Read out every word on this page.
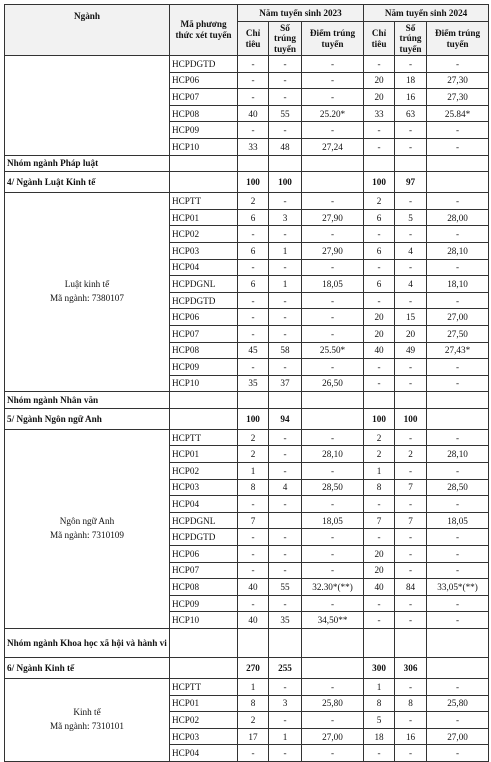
Ngành	Mã phương thức xét tuyển	Năm tuyển sinh 2023			Năm tuyển sinh 2024		
		Chỉ tiêu	Số trúng tuyển	Điểm trúng tuyển	Chỉ tiêu	Số trúng tuyển	Điểm trúng tuyển
	HCPDGTD	-	-	-	-	-	-
	HCP06	-	-	-	20	18	27,30
	HCP07	-	-	-	20	16	27,30
	HCP08	40	55	25.20*	33	63	25.84*
	HCP09	-	-	-	-	-	-
	HCP10	33	48	27,24	-	-	-
Nhóm ngành Pháp luật							
4/ Ngành Luật Kinh tế		100	100		100	97	

Luật kinh tế
Mã ngành: 7380107	HCPTT	2	-	-	2	-	-
	HCP01	6	3	27,90	6	5	28,00
	HCP02	-	-	-	-	-	-
	HCP03	6	1	27,90	6	4	28,10
	HCP04	-	-	-	-	-	-
	HCPDGNL	6	1	18,05	6	4	18,10
	HCPDGTD	-	-	-	-	-	-
	HCP06	-	-	-	20	15	27,00
	HCP07	-	-	-	20	20	27,50
	HCP08	45	58	25.50*	40	49	27,43*
	HCP09	-	-	-	-	-	-
	HCP10	35	37	26,50	-	-	-
Nhóm ngành Nhân văn							
5/ Ngành Ngôn ngữ Anh		100	94		100	100	

Ngôn ngữ Anh
Mã ngành: 7310109	HCPTT	2	-	-	2	-	-
	HCP01	2	-	28,10	2	2	28,10
	HCP02	1	-	-	1	-	-
	HCP03	8	4	28,50	8	7	28,50
	HCP04	-	-	-	-	-	-
	HCPDGNL	7		18,05	7	7	18,05
	HCPDGTD	-	-	-	-	-	-
	HCP06	-	-	-	20	-	-
	HCP07	-	-	-	20	-	-
	HCP08	40	55	32.30*(**)	40	84	33,05*(**)
	HCP09	-	-	-	-	-	-
	HCP10	40	35	34,50**	-	-	-
Nhóm ngành Khoa học xã hội và hành vi							
6/ Ngành Kinh tế		270	255		300	306	

Kinh tế
Mã ngành: 7310101	HCPTT	1	-	-	1	-	-
	HCP01	8	3	25,80	8	8	25,80
	HCP02	2	-	-	5	-	-
	HCP03	17	1	27,00	18	16	27,00
	HCP04	-	-	-	-	-	-
